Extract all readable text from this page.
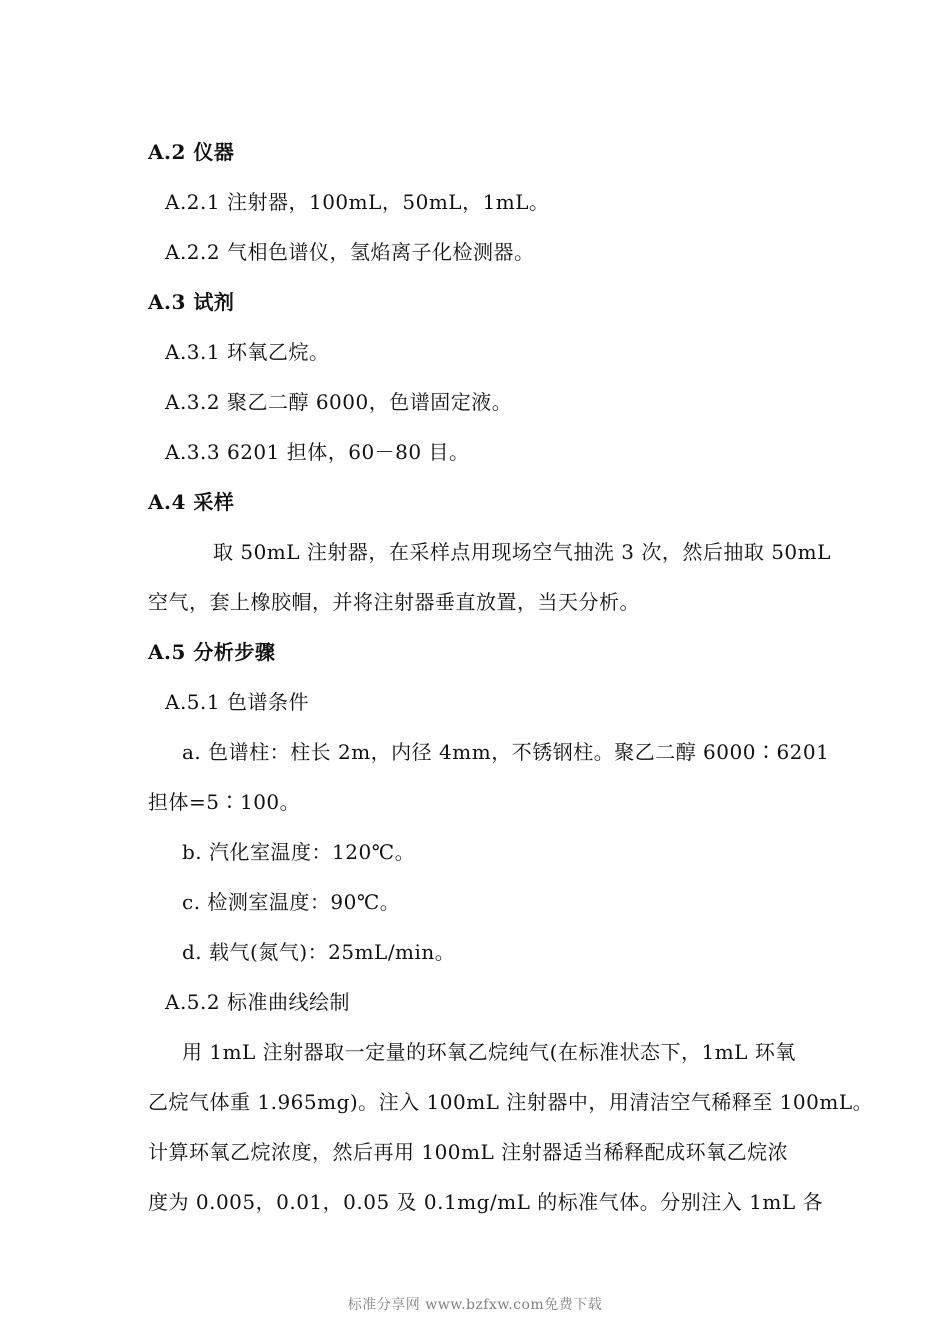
A.2 仪器
A.2.1 注射器，100mL，50mL，1mL。
A.2.2 气相色谱仪，氢焰离子化检测器。
A.3 试剂
A.3.1 环氧乙烷。
A.3.2 聚乙二醇 6000，色谱固定液。
A.3.3 6201 担体，60－80 目。
A.4 采样
取 50mL 注射器，在采样点用现场空气抽洗 3 次，然后抽取 50mL
空气，套上橡胶帽，并将注射器垂直放置，当天分析。
A.5 分析步骤
A.5.1 色谱条件
a. 色谱柱：柱长 2m，内径 4mm，不锈钢柱。聚乙二醇 6000∶6201
担体=5∶100。
b. 汽化室温度：120℃。
c. 检测室温度：90℃。
d. 载气(氮气)：25mL/min。
A.5.2 标准曲线绘制
用 1mL 注射器取一定量的环氧乙烷纯气(在标准状态下，1mL 环氧
乙烷气体重 1.965mg)。注入 100mL 注射器中，用清洁空气稀释至 100mL。
计算环氧乙烷浓度，然后再用 100mL 注射器适当稀释配成环氧乙烷浓
度为 0.005，0.01，0.05 及 0.1mg/mL 的标准气体。分别注入 1mL 各
标准分享网 www.bzfxw.com免费下载
